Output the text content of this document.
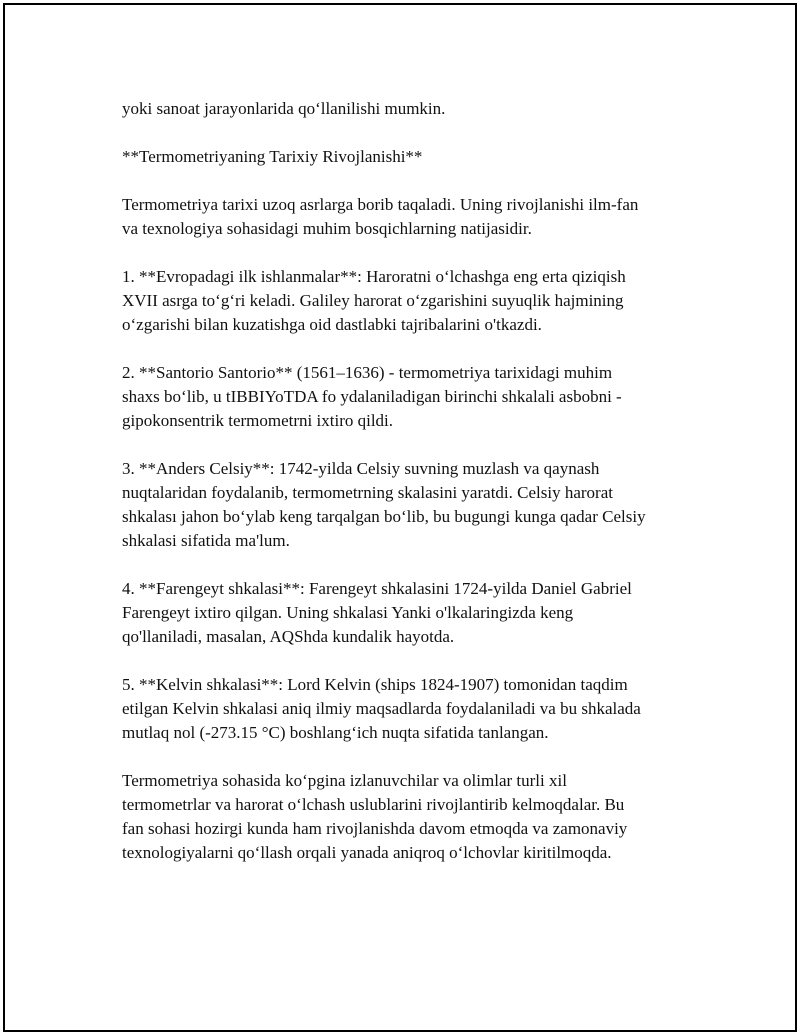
yoki sanoat jarayonlarida qo‘llanilishi mumkin.

**Termometriyaning Tarixiy Rivojlanishi**

Termometriya tarixi uzoq asrlarga borib taqaladi. Uning rivojlanishi ilm-fan
va texnologiya sohasidagi muhim bosqichlarning natijasidir.

1. **Evropadagi ilk ishlanmalar**: Haroratni o‘lchashga eng erta qiziqish
XVII asrga to‘g‘ri keladi. Galiley harorat o‘zgarishini suyuqlik hajmining
o‘zgarishi bilan kuzatishga oid dastlabki tajribalarini o'tkazdi.

2. **Santorio Santorio** (1561–1636) - termometriya tarixidagi muhim
shaxs bo‘lib, u tIBBIYoTDA fo ydalaniladigan birinchi shkalali asbobni -
gipokonsentrik termometrni ixtiro qildi.

3. **Anders Celsiy**: 1742-yilda Celsiy suvning muzlash va qaynash
nuqtalaridan foydalanib, termometrning skalasini yaratdi. Celsiy harorat
shkalası jahon bo‘ylab keng tarqalgan bo‘lib, bu bugungi kunga qadar Celsiy
shkalasi sifatida ma'lum.

4. **Farengeyt shkalasi**: Farengeyt shkalasini 1724-yilda Daniel Gabriel
Farengeyt ixtiro qilgan. Uning shkalasi Yanki o'lkalaringizda keng
qo'llaniladi, masalan, AQShda kundalik hayotda.

5. **Kelvin shkalasi**: Lord Kelvin (ships 1824-1907) tomonidan taqdim
etilgan Kelvin shkalasi aniq ilmiy maqsadlarda foydalaniladi va bu shkalada
mutlaq nol (-273.15 °C) boshlang‘ich nuqta sifatida tanlangan.

Termometriya sohasida ko‘pgina izlanuvchilar va olimlar turli xil
termometrlar va harorat o‘lchash uslublarini rivojlantirib kelmoqdalar. Bu
fan sohasi hozirgi kunda ham rivojlanishda davom etmoqda va zamonaviy
texnologiyalarni qo‘llash orqali yanada aniqroq o‘lchovlar kiritilmoqda.
